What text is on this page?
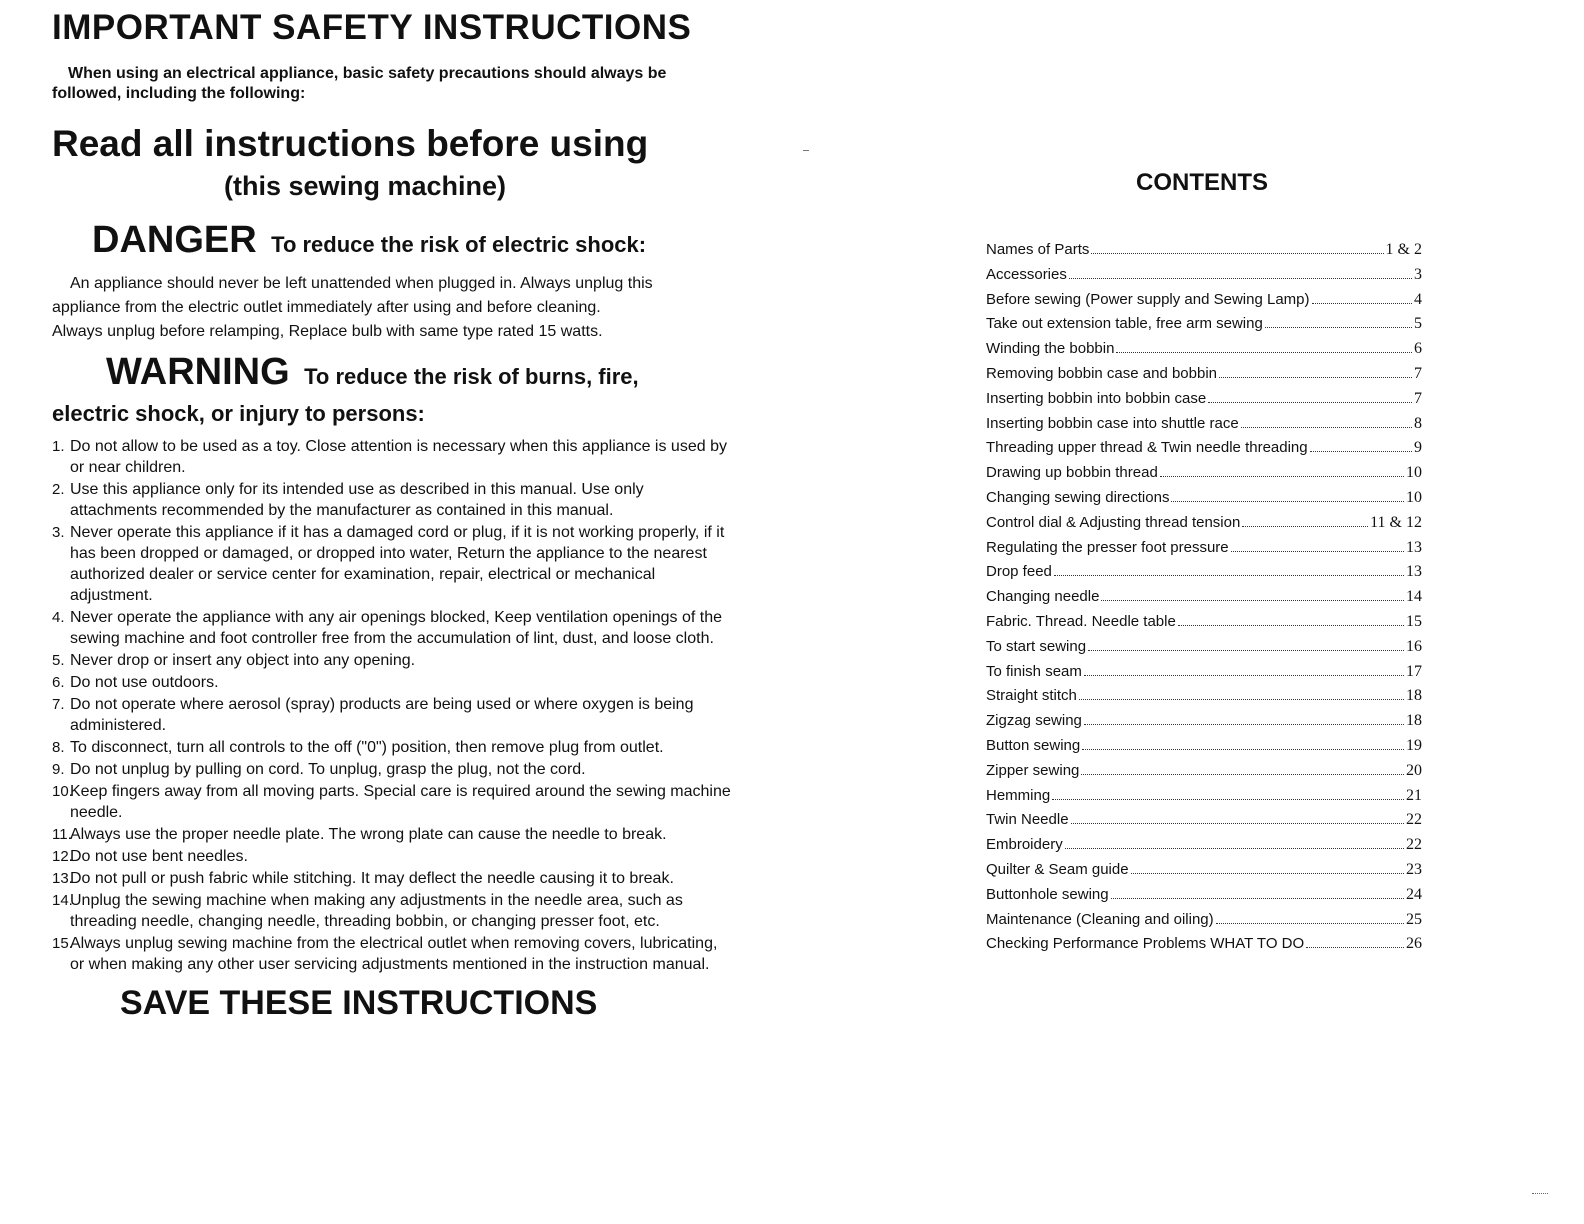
IMPORTANT SAFETY INSTRUCTIONS

When using an electrical appliance, basic safety precautions should always be
followed, including the following:

Read all instructions before using
(this sewing machine)
DANGER To reduce the risk of electric shock:

An appliance should never be left unattended when plugged in. Always unplug this
appliance from the electric outlet immediately after using and before cleaning.
Always unplug before relamping, Replace bulb with same type rated 15 watts.

WARNING To reduce the risk of burns, fire,
electric shock, or injury to persons:
1. Do not allow to be used as a toy. Close attention is necessary when this appliance is used by or near children.
2. Use this appliance only for its intended use as described in this manual. Use only attachments recommended by the manufacturer as contained in this manual.
3. Never operate this appliance if it has a damaged cord or plug, if it is not working properly, if it has been dropped or damaged, or dropped into water, Return the appliance to the nearest authorized dealer or service center for examination, repair, electrical or mechanical adjustment.
4. Never operate the appliance with any air openings blocked, Keep ventilation openings of the sewing machine and foot controller free from the accumulation of lint, dust, and loose cloth.
5. Never drop or insert any object into any opening.
6. Do not use outdoors.
7. Do not operate where aerosol (spray) products are being used or where oxygen is being administered.
8. To disconnect, turn all controls to the off ("0") position, then remove plug from outlet.
9. Do not unplug by pulling on cord. To unplug, grasp the plug, not the cord.
10.
Keep fingers away from all moving parts. Special care is required around the sewing machine needle.
11.
Always use the proper needle plate. The wrong plate can cause the needle to break.
12.
Do not use bent needles.
13.
Do not pull or push fabric while stitching. It may deflect the needle causing it to break.
14.
Unplug the sewing machine when making any adjustments in the needle area, such as threading needle, changing needle, threading bobbin, or changing presser foot, etc.
15.
Always unplug sewing machine from the electrical outlet when removing covers, lubricating, or when making any other user servicing adjustments mentioned in the instruction manual.
SAVE THESE INSTRUCTIONS
CONTENTS
Names of Parts	1 & 2
Accessories	3
Before sewing (Power supply and Sewing Lamp)	4
Take out extension table, free arm sewing	5
Winding the bobbin	6
Removing bobbin case and bobbin	7
Inserting bobbin into bobbin case	7
Inserting bobbin case into shuttle race	8
Threading upper thread & Twin needle threading	9
Drawing up bobbin thread	10
Changing sewing directions	10
Control dial & Adjusting thread tension	11 & 12
Regulating the presser foot pressure	13
Drop feed	13
Changing needle	14
Fabric. Thread. Needle table	15
To start sewing	16
To finish seam	17
Straight stitch	18
Zigzag sewing	18
Button sewing	19
Zipper sewing	20
Hemming	21
Twin Needle	22
Embroidery	22
Quilter & Seam guide	23
Buttonhole sewing	24
Maintenance (Cleaning and oiling)	25
Checking Performance Problems WHAT TO DO	26
